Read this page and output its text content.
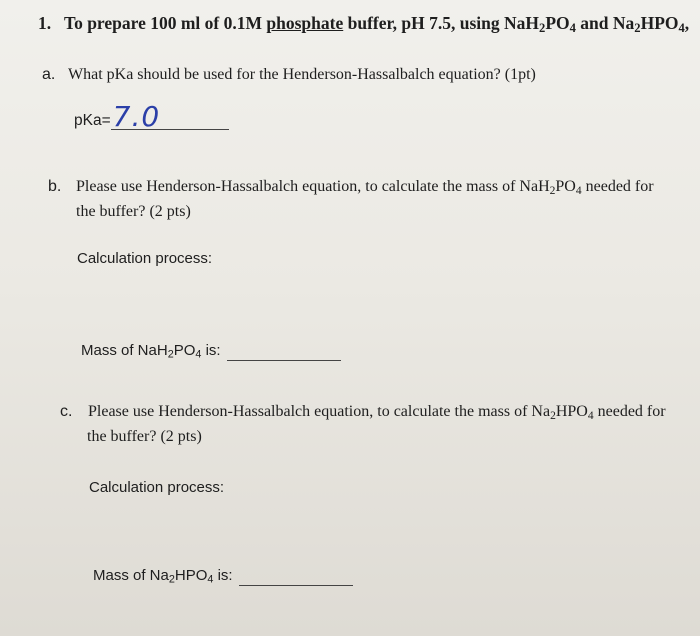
1. To prepare 100 ml of 0.1M phosphate buffer, pH 7.5, using $NaH_2PO_4$ and $Na_2HPO_4$,
a. What pKa should be used for the Henderson-Hassalbalch equation? (1pt)
pKa= 7.0
b. Please use Henderson-Hassalbalch equation, to calculate the mass of $NaH_2PO_4$ needed for
the buffer? (2 pts)
Calculation process:
Mass of $NaH_2PO_4$ is:
c. Please use Henderson-Hassalbalch equation, to calculate the mass of $Na_2HPO_4$ needed for
the buffer? (2 pts)
Calculation process:
Mass of $Na_2HPO_4$ is:
